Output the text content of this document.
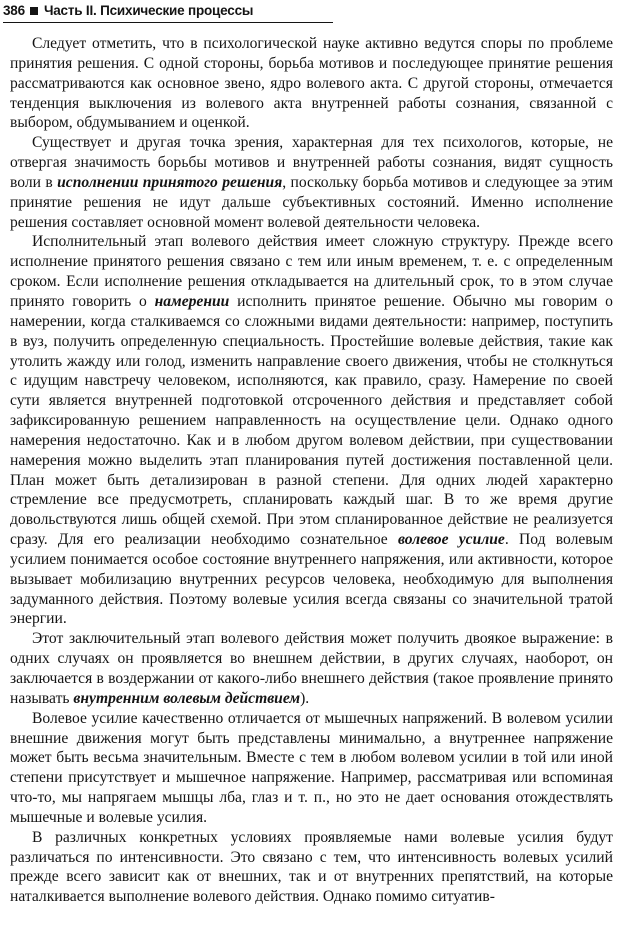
386 Часть II. Психические процессы

Следует отметить, что в психологической науке активно ведутся споры по проблеме принятия решения. С одной стороны, борьба мотивов и последующее принятие решения рассматриваются как основное звено, ядро волевого акта. С другой стороны, отмечается тенденция выключения из волевого акта внутренней работы сознания, связанной с выбором, обдумыванием и оценкой.

Существует и другая точка зрения, характерная для тех психологов, которые, не отвергая значимость борьбы мотивов и внутренней работы сознания, видят сущность воли в исполнении принятого решения, поскольку борьба мотивов и следующее за этим принятие решения не идут дальше субъективных состояний. Именно исполнение решения составляет основной момент волевой деятельности человека.

Исполнительный этап волевого действия имеет сложную структуру. Прежде всего исполнение принятого решения связано с тем или иным временем, т. е. с определенным сроком. Если исполнение решения откладывается на длительный срок, то в этом случае принято говорить о намерении исполнить принятое решение. Обычно мы говорим о намерении, когда сталкиваемся со сложными видами деятельности: например, поступить в вуз, получить определенную специальность. Простейшие волевые действия, такие как утолить жажду или голод, изменить направление своего движения, чтобы не столкнуться с идущим навстречу человеком, исполняются, как правило, сразу. Намерение по своей сути является внутренней подготовкой отсроченного действия и представляет собой зафиксированную решением направленность на осуществление цели. Однако одного намерения недостаточно. Как и в любом другом волевом действии, при существовании намерения можно выделить этап планирования путей достижения поставленной цели. План может быть детализирован в разной степени. Для одних людей характерно стремление все предусмотреть, спланировать каждый шаг. В то же время другие довольствуются лишь общей схемой. При этом спланированное действие не реализуется сразу. Для его реализации необходимо сознательное волевое усилие. Под волевым усилием понимается особое состояние внутреннего напряжения, или активности, которое вызывает мобилизацию внутренних ресурсов человека, необходимую для выполнения задуманного действия. Поэтому волевые усилия всегда связаны со значительной тратой энергии.

Этот заключительный этап волевого действия может получить двоякое выражение: в одних случаях он проявляется во внешнем действии, в других случаях, наоборот, он заключается в воздержании от какого-либо внешнего действия (такое проявление принято называть внутренним волевым действием).

Волевое усилие качественно отличается от мышечных напряжений. В волевом усилии внешние движения могут быть представлены минимально, а внутреннее напряжение может быть весьма значительным. Вместе с тем в любом волевом усилии в той или иной степени присутствует и мышечное напряжение. Например, рассматривая или вспоминая что-то, мы напрягаем мышцы лба, глаз и т. п., но это не дает основания отождествлять мышечные и волевые усилия.

В различных конкретных условиях проявляемые нами волевые усилия будут различаться по интенсивности. Это связано с тем, что интенсивность волевых усилий прежде всего зависит как от внешних, так и от внутренних препятствий, на которые наталкивается выполнение волевого действия. Однако помимо ситуатив-
